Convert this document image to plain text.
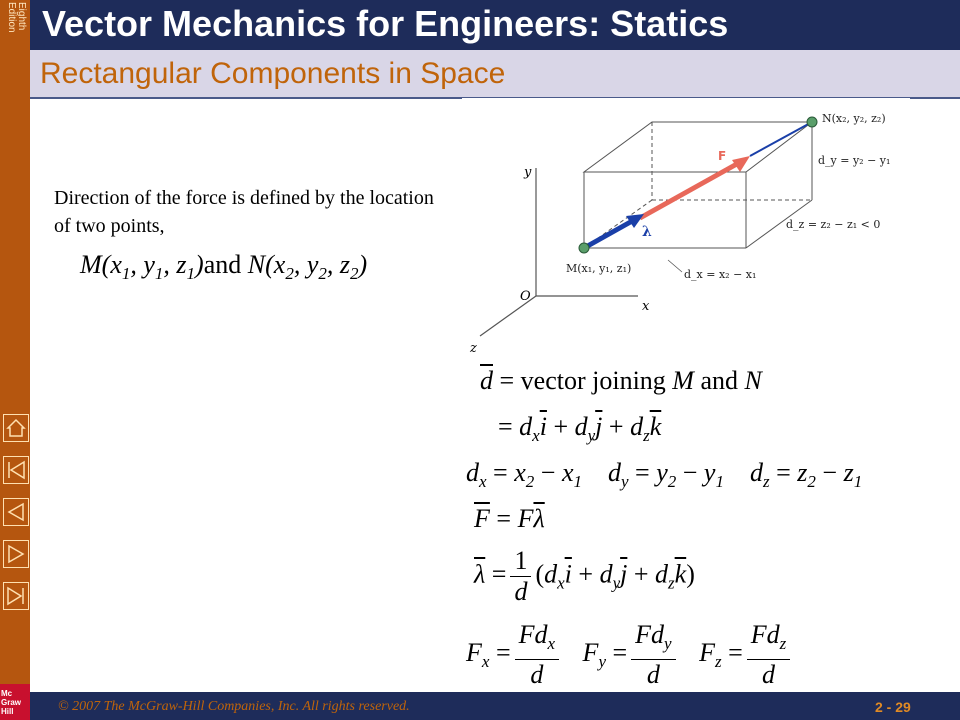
Eighth
Edition Vector Mechanics for Engineers: Statics
Rectangular Components in Space
Direction of the force is defined by the location of two points,
$M(x_1$, $y_1$, $z_1)and$ $N(x_2$, $y_2$, $z_2$)
y
x
z
O
F
λ
N(x₂, y₂, z₂)
M(x₁, y₁, z₁)
d_y = y₂ − y₁
d_z = z₂ − z₁ < 0
d_x = x₂ − x₁
$\overline{d}$ = vector joining M and N
= $d_x\overline{i} + d_y\overline{j} + d_z\overline{k}$
$d_x = x_2 - x_1$    $d_y = y_2 - y_1$    $d_z = z_2 - z_1$
$\overline{F} = F\overline{\lambda}$
$\overline{\lambda} = \frac{1}{d} (d_x\overline{i} + d_y\overline{j} + d_z\overline{k})$
$F_x = \frac{Fd_x}{d} F_y = \frac{Fd_y}{d} F_z = \frac{Fd_z}{d}$
© 2007 The McGraw-Hill Companies, Inc. All rights reserved.	2 - 29
Mc
Graw
Hill
